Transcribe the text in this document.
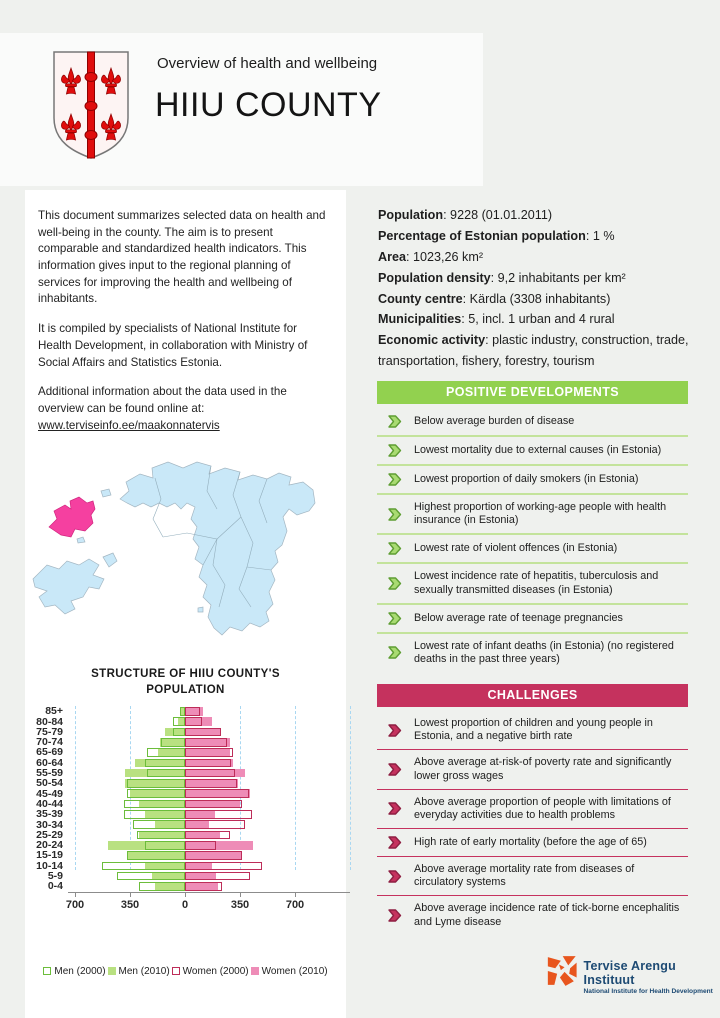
Overview of health and wellbeing
HIIU COUNTY

This document summarizes selected data on health and well-being in the county. The aim is to present comparable and standardized health indicators. This information gives input to the regional planning of services for improving the health and wellbeing of inhabitants.

It is compiled by specialists of National Institute for Health Development, in collaboration with Ministry of Social Affairs and Statistics Estonia.

Additional information about the data used in the overview can be found online at: www.terviseinfo.ee/maakonnatervis

STRUCTURE OF HIIU COUNTY'S POPULATION
85+
80-84
75-79
70-74
65-69
60-64
55-59
50-54
45-49
40-44
35-39
30-34
25-29
20-24
15-19
10-14
5-9
0-4
700	350	0	350	700
Men (2000) Men (2010) Women (2000) Women (2010)
Population: 9228 (01.01.2011)
Percentage of Estonian population: 1 %
Area: 1023,26 km²
Population density: 9,2 inhabitants per km²
County centre: Kärdla (3308 inhabitants)
Municipalities: 5, incl. 1 urban and 4 rural
Economic activity: plastic industry, construction, trade, transportation, fishery, forestry, tourism
POSITIVE DEVELOPMENTS
Below average burden of disease
Lowest mortality due to external causes (in Estonia)
Lowest proportion of daily smokers (in Estonia)
Highest proportion of working-age people with health insurance (in Estonia)
Lowest rate of violent offences (in Estonia)
Lowest incidence rate of hepatitis, tuberculosis and sexually transmitted diseases (in Estonia)
Below average rate of teenage pregnancies
Lowest rate of infant deaths (in Estonia) (no registered deaths in the past three years)
CHALLENGES
Lowest proportion of children and young people in Estonia, and a negative birth rate
Above average at-risk-of poverty rate and significantly lower gross wages
Above average proportion of people with limitations of everyday activities due to health problems
High rate of early mortality (before the age of 65)
Above average mortality rate from diseases of circulatory systems
Above average incidence rate of tick-borne encephalitis and Lyme disease
Tervise Arengu Instituut
National Institute for Health Development
